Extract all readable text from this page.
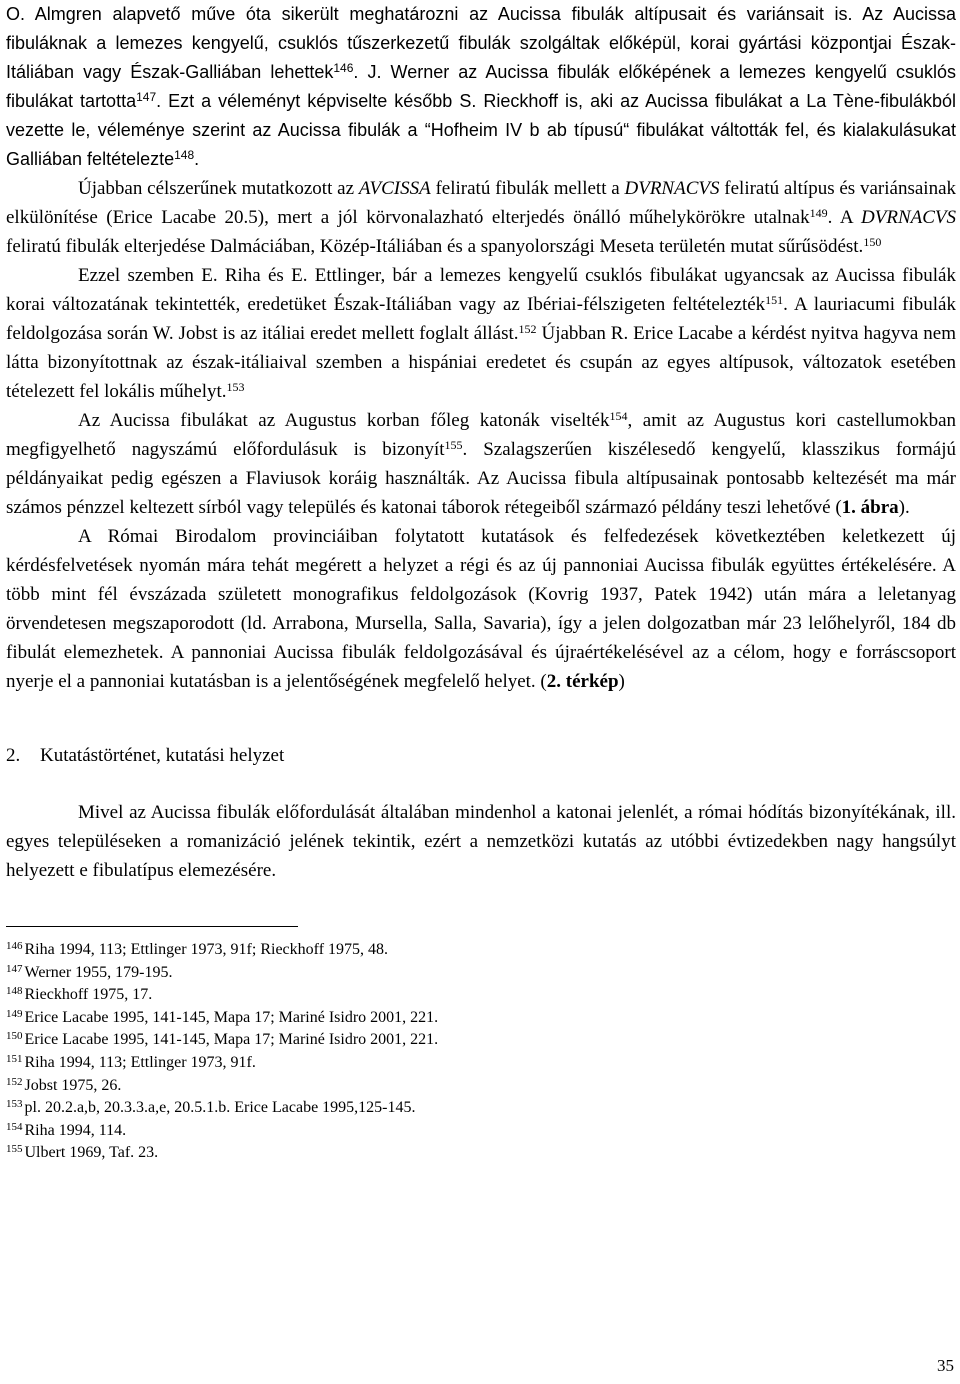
O. Almgren alapvető műve óta sikerült meghatározni az Aucissa fibulák altípusait és variánsait is. Az Aucissa fibuláknak a lemezes kengyelű, csuklós tűszerkezetű fibulák szolgáltak előképül, korai gyártási központjai Észak-Itáliában vagy Észak-Galliában lehettek$^{146}$. J. Werner az Aucissa fibulák előképének a lemezes kengyelű csuklós fibulákat tartotta$^{147}$. Ezt a véleményt képviselte később S. Rieckhoff is, aki az Aucissa fibulákat a La Tène-fibulákból vezette le, véleménye szerint az Aucissa fibulák a “Hofheim IV b ab típusú“ fibulákat váltották fel, és kialakulásukat Galliában feltételezte$^{148}$.

Újabban célszerűnek mutatkozott az AVCISSA feliratú fibulák mellett a DVRNACVS feliratú altípus és variánsainak elkülönítése (Erice Lacabe 20.5), mert a jól körvonalazható elterjedés önálló műhelykörökre utalnak$^{149}$. A DVRNACVS feliratú fibulák elterjedése Dalmáciában, Közép-Itáliában és a spanyolországi Meseta területén mutat sűrűsödést.$^{150}$

Ezzel szemben E. Riha és E. Ettlinger, bár a lemezes kengyelű csuklós fibulákat ugyancsak az Aucissa fibulák korai változatának tekintették, eredetüket Észak-Itáliában vagy az Ibériai-félszigeten feltételezték$^{151}$. A lauriacumi fibulák feldolgozása során W. Jobst is az itáliai eredet mellett foglalt állást.$^{152}$ Újabban R. Erice Lacabe a kérdést nyitva hagyva nem látta bizonyítottnak az észak-itáliaival szemben a hispániai eredetet és csupán az egyes altípusok, változatok esetében tételezett fel lokális műhelyt.$^{153}$

Az Aucissa fibulákat az Augustus korban főleg katonák viselték$^{154}$, amit az Augustus kori castellumokban megfigyelhető nagyszámú előfordulásuk is bizonyít$^{155}$. Szalagszerűen kiszélesedő kengyelű, klasszikus formájú példányaikat pedig egészen a Flaviusok koráig használták. Az Aucissa fibula altípusainak pontosabb keltezését ma már számos pénzzel keltezett sírból vagy település és katonai táborok rétegeiből származó példány teszi lehetővé (1. ábra).

A Római Birodalom provinciáiban folytatott kutatások és felfedezések következtében keletkezett új kérdésfelvetések nyomán mára tehát megérett a helyzet a régi és az új pannoniai Aucissa fibulák együttes értékelésére. A több mint fél évszázada született monografikus feldolgozások (Kovrig 1937, Patek 1942) után mára a leletanyag örvendetesen megszaporodott (ld. Arrabona, Mursella, Salla, Savaria), így a jelen dolgozatban már 23 lelőhelyről, 184 db fibulát elemezhetek. A pannoniai Aucissa fibulák feldolgozásával és újraértékelésével az a célom, hogy e forráscsoport nyerje el a pannoniai kutatásban is a jelentőségének megfelelő helyet. (2. térkép)

2. Kutatástörténet, kutatási helyzet

Mivel az Aucissa fibulák előfordulását általában mindenhol a katonai jelenlét, a római hódítás bizonyítékának, ill. egyes településeken a romanizáció jelének tekintik, ezért a nemzetközi kutatás az utóbbi évtizedekben nagy hangsúlyt helyezett e fibulatípus elemezésére.

$^{146}$ Riha 1994, 113; Ettlinger 1973, 91f; Rieckhoff 1975, 48.
$^{147}$ Werner 1955, 179-195.
$^{148}$ Rieckhoff 1975, 17.
$^{149}$ Erice Lacabe 1995, 141-145, Mapa 17; Mariné Isidro 2001, 221.
$^{150}$ Erice Lacabe 1995, 141-145, Mapa 17; Mariné Isidro 2001, 221.
$^{151}$ Riha 1994, 113; Ettlinger 1973, 91f.
$^{152}$ Jobst 1975, 26.
$^{153}$ pl. 20.2.a,b, 20.3.3.a,e, 20.5.1.b. Erice Lacabe 1995,125-145.
$^{154}$ Riha 1994, 114.
$^{155}$ Ulbert 1969, Taf. 23.
35
